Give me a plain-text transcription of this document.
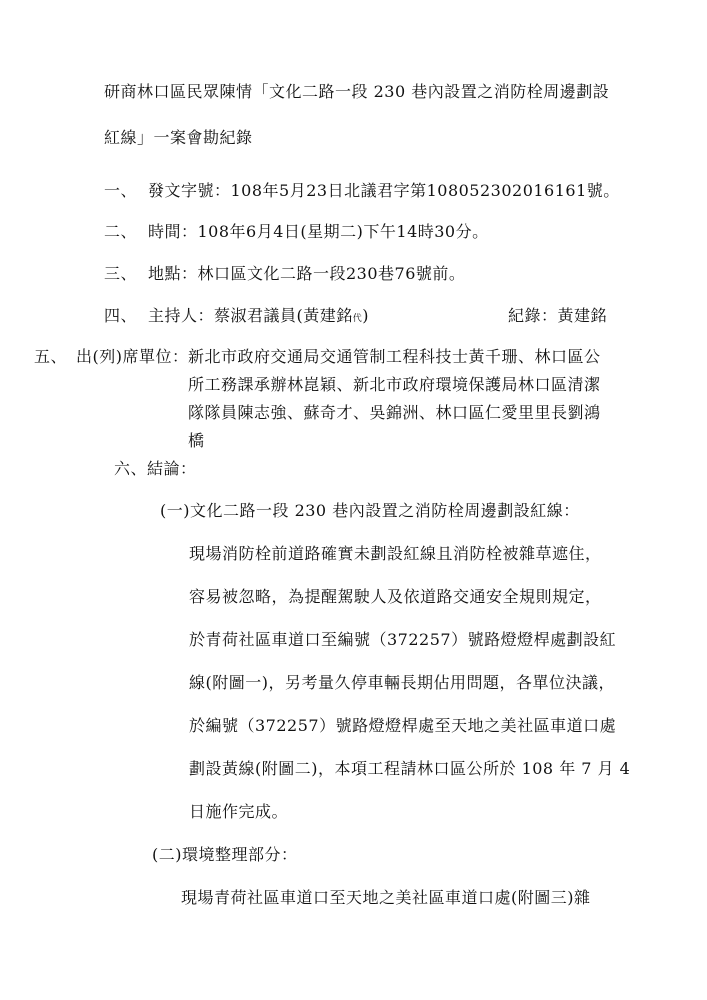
研商林口區民眾陳情「文化二路一段 230 巷內設置之消防栓周邊劃設
紅線」一案會勘紀錄
一、 發文字號：108年5月23日北議君字第108052302016161號。
二、 時間：108年6月4日(星期二)下午14時30分。
三、 地點：林口區文化二路一段230巷76號前。
四、 主持人：蔡淑君議員(黃建銘代)	紀錄：黃建銘
五、 出(列)席單位： 新北市政府交通局交通管制工程科技士黃千珊、林口區公
所工務課承辦林崑穎、新北市政府環境保護局林口區清潔
隊隊員陳志強、蘇奇才、吳錦洲、林口區仁愛里里長劉鴻
橋
六、結論：
(一)文化二路一段 230 巷內設置之消防栓周邊劃設紅線：
現場消防栓前道路確實未劃設紅線且消防栓被雜草遮住，
容易被忽略，為提醒駕駛人及依道路交通安全規則規定，
於青荷社區車道口至編號（372257）號路燈燈桿處劃設紅
線(附圖一)，另考量久停車輛長期佔用問題，各單位決議，
於編號（372257）號路燈燈桿處至天地之美社區車道口處
劃設黃線(附圖二)，本項工程請林口區公所於 108 年 7 月 4
日施作完成。
(二)環境整理部分：
現場青荷社區車道口至天地之美社區車道口處(附圖三)雜
